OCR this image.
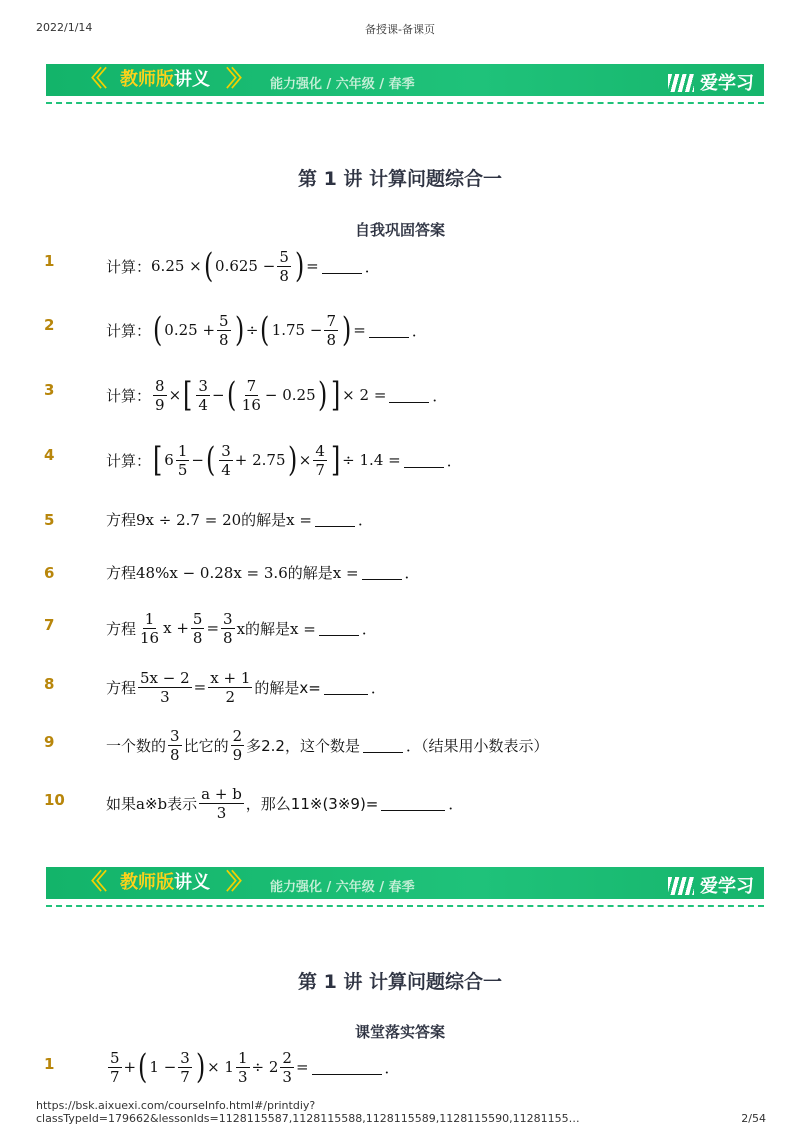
2022/1/14	备授课-备课页
〈〈 教师版讲义 〉〉 能力强化 / 六年级 / 春季	爱学习
第 1 讲 计算问题综合一
自我巩固答案
1	计算： 6.25 × ( $0.625 - \frac{5}{8}$ ) =	．
2	计算： ( $0.25 + \frac{5}{8}$ ) ÷ ( $1.75 - \frac{7}{8}$ ) =	．
3	计算： $\frac{8}{9}$ × [ $\frac{3}{4}$ − ( $\frac{7}{16} - 0.25$ ) ] × 2 =	．
4	计算： [ $6 \frac{1}{5}$ − ( $\frac{3}{4} + 2.75$ ) × $\frac{4}{7}$ ] ÷ 1.4 =	．
5	方程 9x ÷ 2.7 = 20的解是x =	．
6	方程 48%x − 0.28x = 3.6的解是x =	．
7	方程 $\frac{1}{16}$ $x + \frac{5}{8} = \frac{3}{8}$ x的解是x =	．
8	方程 $\frac{5x - 2}{3} = \frac{x + 1}{2}$ 的解是x=	．
9	一个数的 $\frac{3}{8}$ 比它的 $\frac{2}{9}$ 多2.2，这个数是	．（结果用小数表示）
10	如果 a※b表示 $\frac{a + b}{3}$ ，那么11※(3※9)=	．
〈〈 教师版讲义 〉〉 能力强化 / 六年级 / 春季	爱学习
第 1 讲 计算问题综合一
课堂落实答案
1	$\frac{5}{7}$ + ( $1 - \frac{3}{7}$ ) × $1 \frac{1}{3} \div 2 \frac{2}{3}$ =	．
https://bsk.aixuexi.com/courseInfo.html#/printdiy?classTypeId=179662&lessonIds=1128115587,1128115588,1128115589,1128115590,11281155…	2/54
